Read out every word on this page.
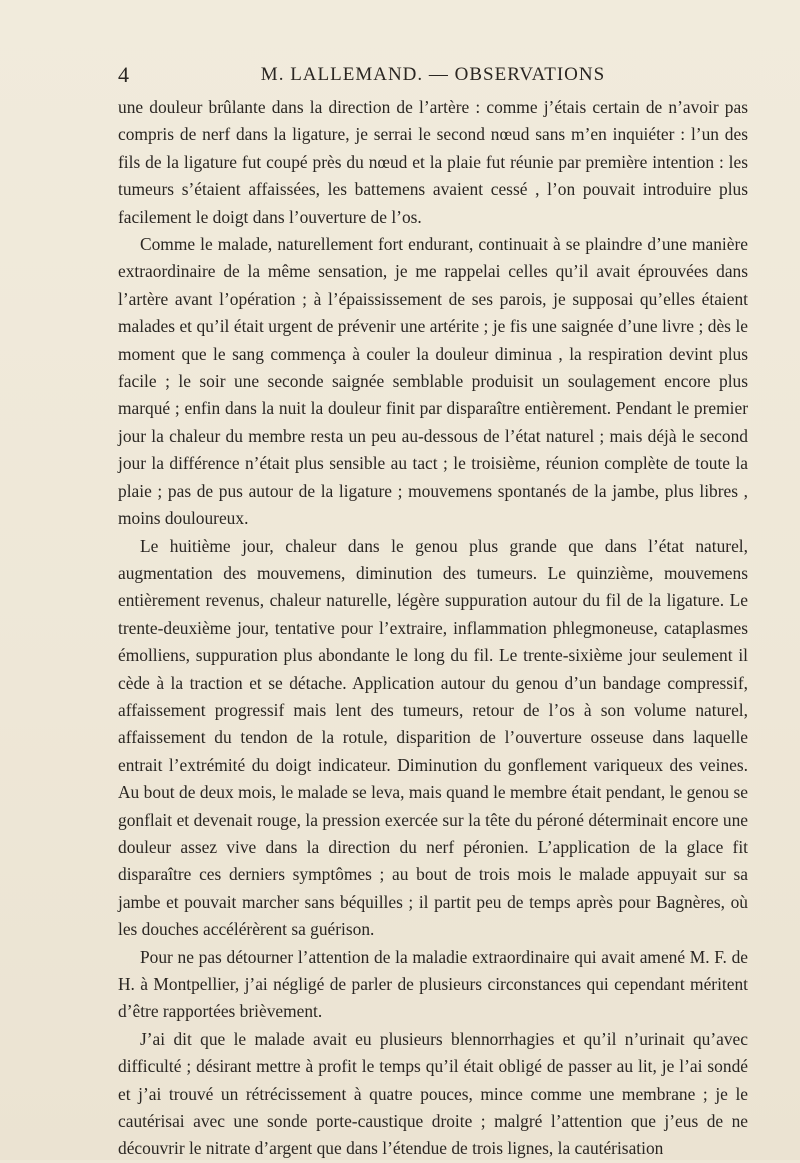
4	M. LALLEMAND. — OBSERVATIONS

une douleur brûlante dans la direction de l’artère : comme j’étais certain de n’avoir pas compris de nerf dans la ligature, je serrai le second nœud sans m’en inquiéter : l’un des fils de la ligature fut coupé près du nœud et la plaie fut réunie par première intention : les tumeurs s’étaient affaissées, les battemens avaient cessé , l’on pouvait introduire plus facilement le doigt dans l’ouverture de l’os.

Comme le malade, naturellement fort endurant, continuait à se plaindre d’une manière extraordinaire de la même sensation, je me rappelai celles qu’il avait éprouvées dans l’artère avant l’opération ; à l’épaississement de ses parois, je supposai qu’elles étaient malades et qu’il était urgent de prévenir une artérite ; je fis une saignée d’une livre ; dès le moment que le sang commença à couler la douleur diminua , la respiration devint plus facile ; le soir une seconde saignée semblable produisit un soulagement encore plus marqué ; enfin dans la nuit la douleur finit par disparaître entièrement. Pendant le premier jour la chaleur du membre resta un peu au-dessous de l’état naturel ; mais déjà le second jour la différence n’était plus sensible au tact ; le troisième, réunion complète de toute la plaie ; pas de pus autour de la ligature ; mouvemens spontanés de la jambe, plus libres , moins douloureux.

Le huitième jour, chaleur dans le genou plus grande que dans l’état naturel, augmentation des mouvemens, diminution des tumeurs. Le quinzième, mouvemens entièrement revenus, chaleur naturelle, légère suppuration autour du fil de la ligature. Le trente-deuxième jour, tentative pour l’extraire, inflammation phlegmoneuse, cataplasmes émolliens, suppuration plus abondante le long du fil. Le trente-sixième jour seulement il cède à la traction et se détache. Application autour du genou d’un bandage compressif, affaissement progressif mais lent des tumeurs, retour de l’os à son volume naturel, affaissement du tendon de la rotule, disparition de l’ouverture osseuse dans laquelle entrait l’extrémité du doigt indicateur. Diminution du gonflement variqueux des veines. Au bout de deux mois, le malade se leva, mais quand le membre était pendant, le genou se gonflait et devenait rouge, la pression exercée sur la tête du péroné déterminait encore une douleur assez vive dans la direction du nerf péronien. L’application de la glace fit disparaître ces derniers symptômes ; au bout de trois mois le malade appuyait sur sa jambe et pouvait marcher sans béquilles ; il partit peu de temps après pour Bagnères, où les douches accélérèrent sa guérison.

Pour ne pas détourner l’attention de la maladie extraordinaire qui avait amené M. F. de H. à Montpellier, j’ai négligé de parler de plusieurs circonstances qui cependant méritent d’être rapportées brièvement.

J’ai dit que le malade avait eu plusieurs blennorrhagies et qu’il n’urinait qu’avec difficulté ; désirant mettre à profit le temps qu’il était obligé de passer au lit, je l’ai sondé et j’ai trouvé un rétrécissement à quatre pouces, mince comme une membrane ; je le cautérisai avec une sonde porte-caustique droite ; malgré l’attention que j’eus de ne découvrir le nitrate d’argent que dans l’étendue de trois lignes, la cautérisation
